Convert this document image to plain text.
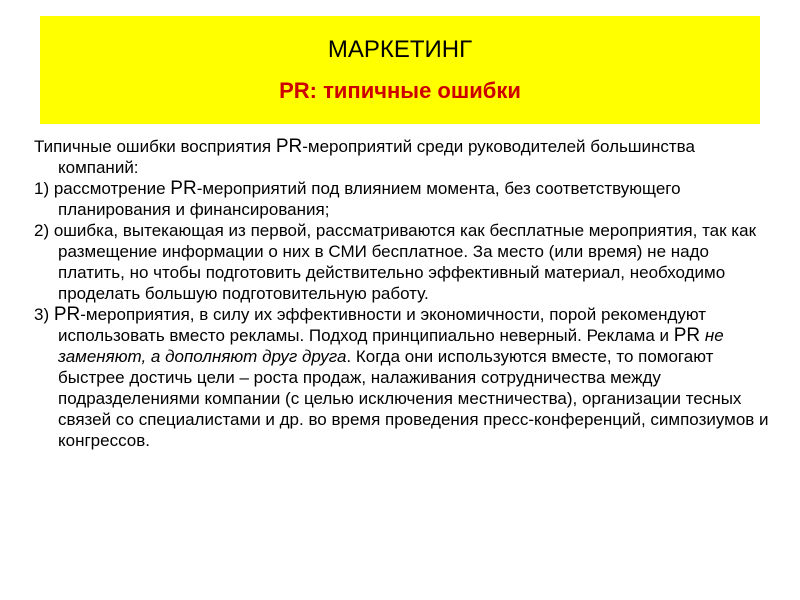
МАРКЕТИНГ
PR: типичные ошибки

Типичные ошибки восприятия PR-мероприятий среди руководителей большинства компаний:

1) рассмотрение PR-мероприятий под влиянием момента, без соответствующего планирования и финансирования;

2) ошибка, вытекающая из первой, рассматриваются как бесплатные мероприятия, так как размещение информации о них в СМИ бесплатное. За место (или время) не надо платить, но чтобы подготовить действительно эффективный материал, необходимо проделать большую подготовительную работу.

3) PR-мероприятия, в силу их эффективности и экономичности, порой рекомендуют использовать вместо рекламы. Подход принципиально неверный. Реклама и PR не заменяют, а дополняют друг друга. Когда они используются вместе, то помогают быстрее достичь цели – роста продаж, налаживания сотрудничества между подразделениями компании (с целью исключения местничества), организации тесных связей со специалистами и др. во время проведения пресс-конференций, симпозиумов и конгрессов.
